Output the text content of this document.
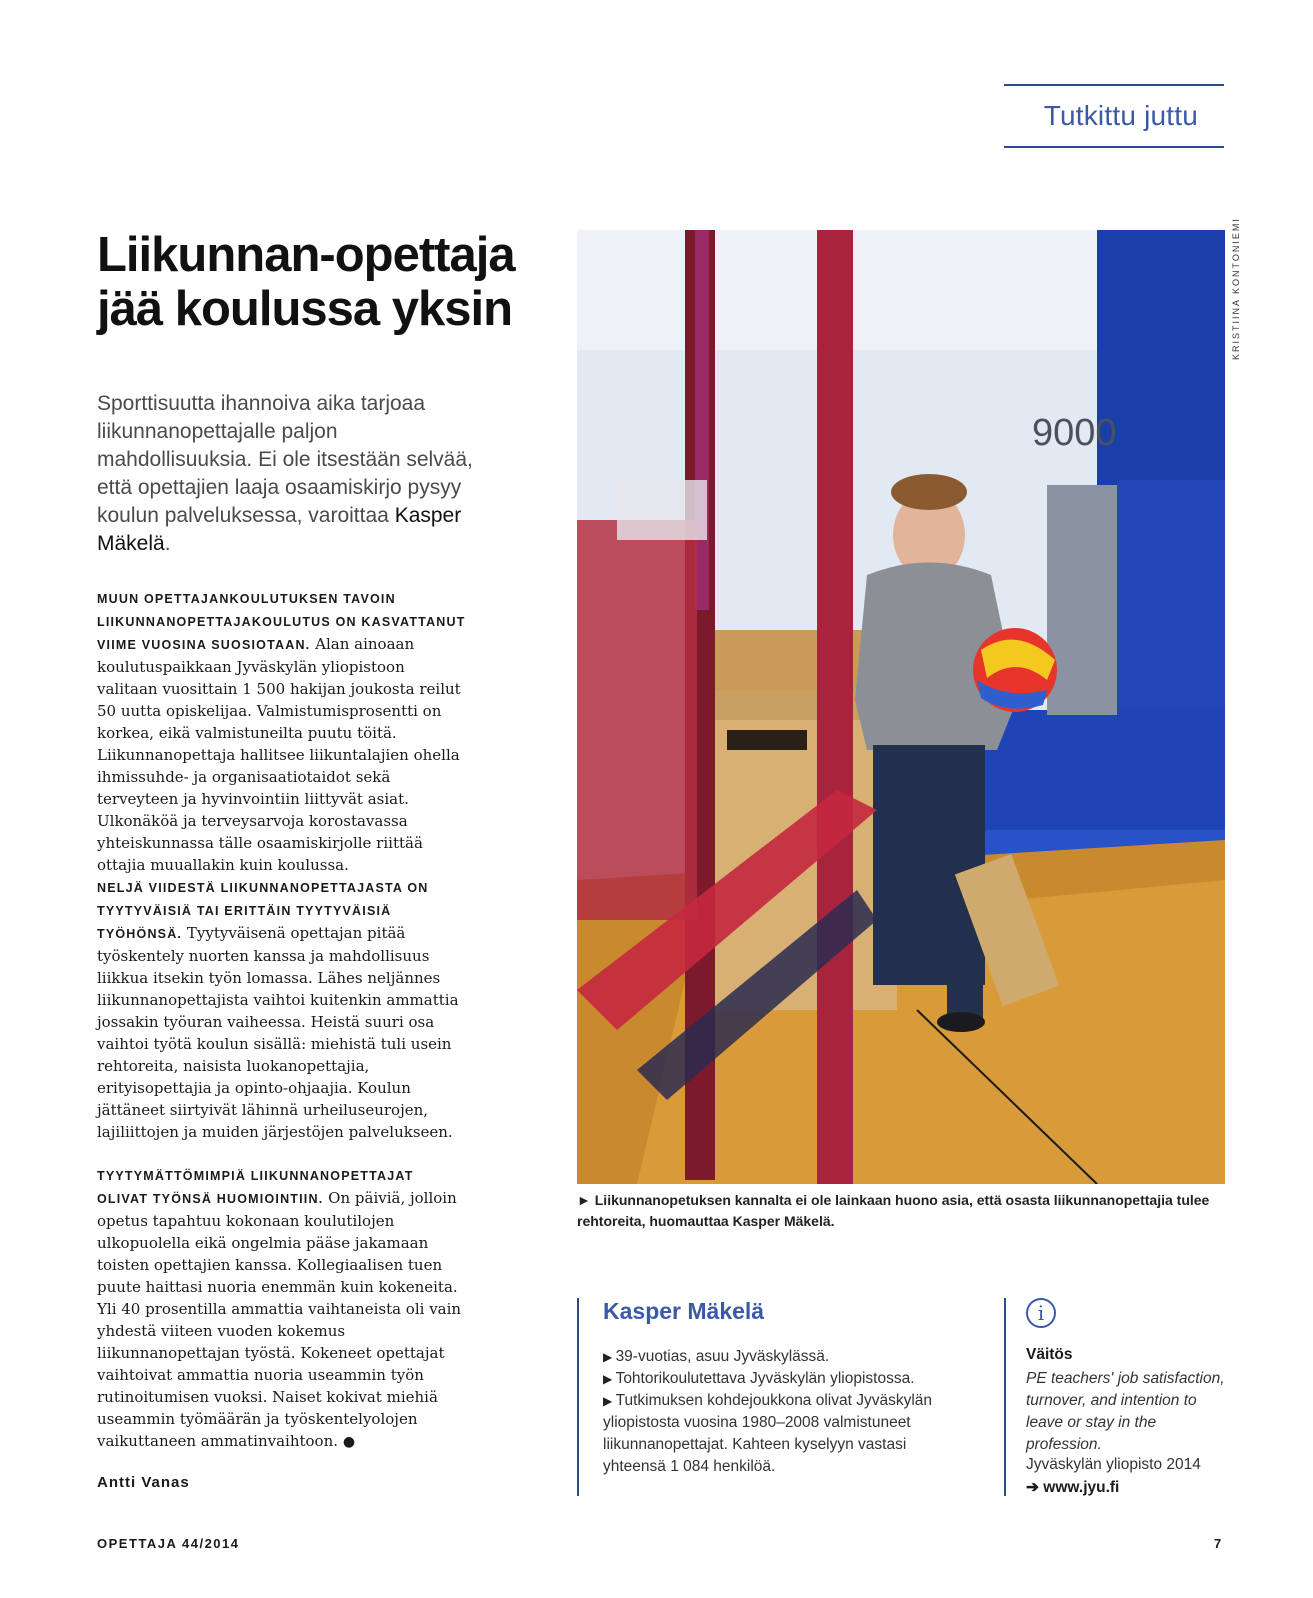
Tutkittu juttu
Liikunnan-opettaja jää koulussa yksin

Sporttisuutta ihannoiva aika tarjoaa liikunnanopettajalle paljon mahdollisuuksia. Ei ole itsestään selvää, että opettajien laaja osaamiskirjo pysyy koulun palveluksessa, varoittaa Kasper Mäkelä.

MUUN OPETTAJANKOULUTUKSEN TAVOIN LIIKUNNANOPETTAJAKOULUTUS ON KASVATTANUT VIIME VUOSINA SUOSIOTAAN. Alan ainoaan koulutuspaikkaan Jyväskylän yliopistoon valitaan vuosittain 1 500 hakijan joukosta reilut 50 uutta opiskelijaa. Valmistumisprosentti on korkea, eikä valmistuneilta puutu töitä. Liikunnanopettaja hallitsee liikuntalajien ohella ihmissuhde- ja organisaatiotaidot sekä terveyteen ja hyvinvointiin liittyvät asiat. Ulkonäköä ja terveysarvoja korostavassa yhteiskunnassa tälle osaamiskirjolle riittää ottajia muuallakin kuin koulussa.

NELJÄ VIIDESTÄ LIIKUNNANOPETTAJASTA ON TYYTYVÄISIÄ TAI ERITTÄIN TYYTYVÄISIÄ TYÖHÖNSÄ. Tyytyväisenä opettajan pitää työskentely nuorten kanssa ja mahdollisuus liikkua itsekin työn lomassa. Lähes neljännes liikunnanopettajista vaihtoi kuitenkin ammattia jossakin työuran vaiheessa. Heistä suuri osa vaihtoi työtä koulun sisällä: miehistä tuli usein rehtoreita, naisista luokanopettajia, erityisopettajia ja opinto-ohjaajia. Koulun jättäneet siirtyivät lähinnä urheiluseurojen, lajiliittojen ja muiden järjestöjen palvelukseen.

TYYTYMÄTTÖMIMPIÄ LIIKUNNANOPETTAJAT OLIVAT TYÖNSÄ HUOMIOINTIIN. On päiviä, jolloin opetus tapahtuu kokonaan koulutilojen ulkopuolella eikä ongelmia pääse jakamaan toisten opettajien kanssa. Kollegiaalisen tuen puute haittasi nuoria enemmän kuin kokeneita. Yli 40 prosentilla ammattia vaihtaneista oli vain yhdestä viiteen vuoden kokemus liikunnanopettajan työstä. Kokeneet opettajat vaihtoivat ammattia nuoria useammin työn rutinoitumisen vuoksi. Naiset kokivat miehiä useammin työmäärän ja työskentelyolojen vaikuttaneen ammatinvaihtoon. ●

Antti Vanas

9000
KRISTIINA KONTONIEMI

► Liikunnanopetuksen kannalta ei ole lainkaan huono asia, että osasta liikunnanopettajia tulee rehtoreita, huomauttaa Kasper Mäkelä.

Kasper Mäkelä
▶ 39-vuotias, asuu Jyväskylässä.
▶ Tohtorikoulutettava Jyväskylän yliopistossa.
▶ Tutkimuksen kohdejoukkona olivat Jyväskylän yliopistosta vuosina 1980–2008 valmistuneet liikunnanopettajat. Kahteen kyselyyn vastasi yhteensä 1 084 henkilöä.
i
Väitös

PE teachers' job satisfaction, turnover, and intention to leave or stay in the profession.

Jyväskylän yliopisto 2014
➔ www.jyu.fi
OPETTAJA 44/2014	7
